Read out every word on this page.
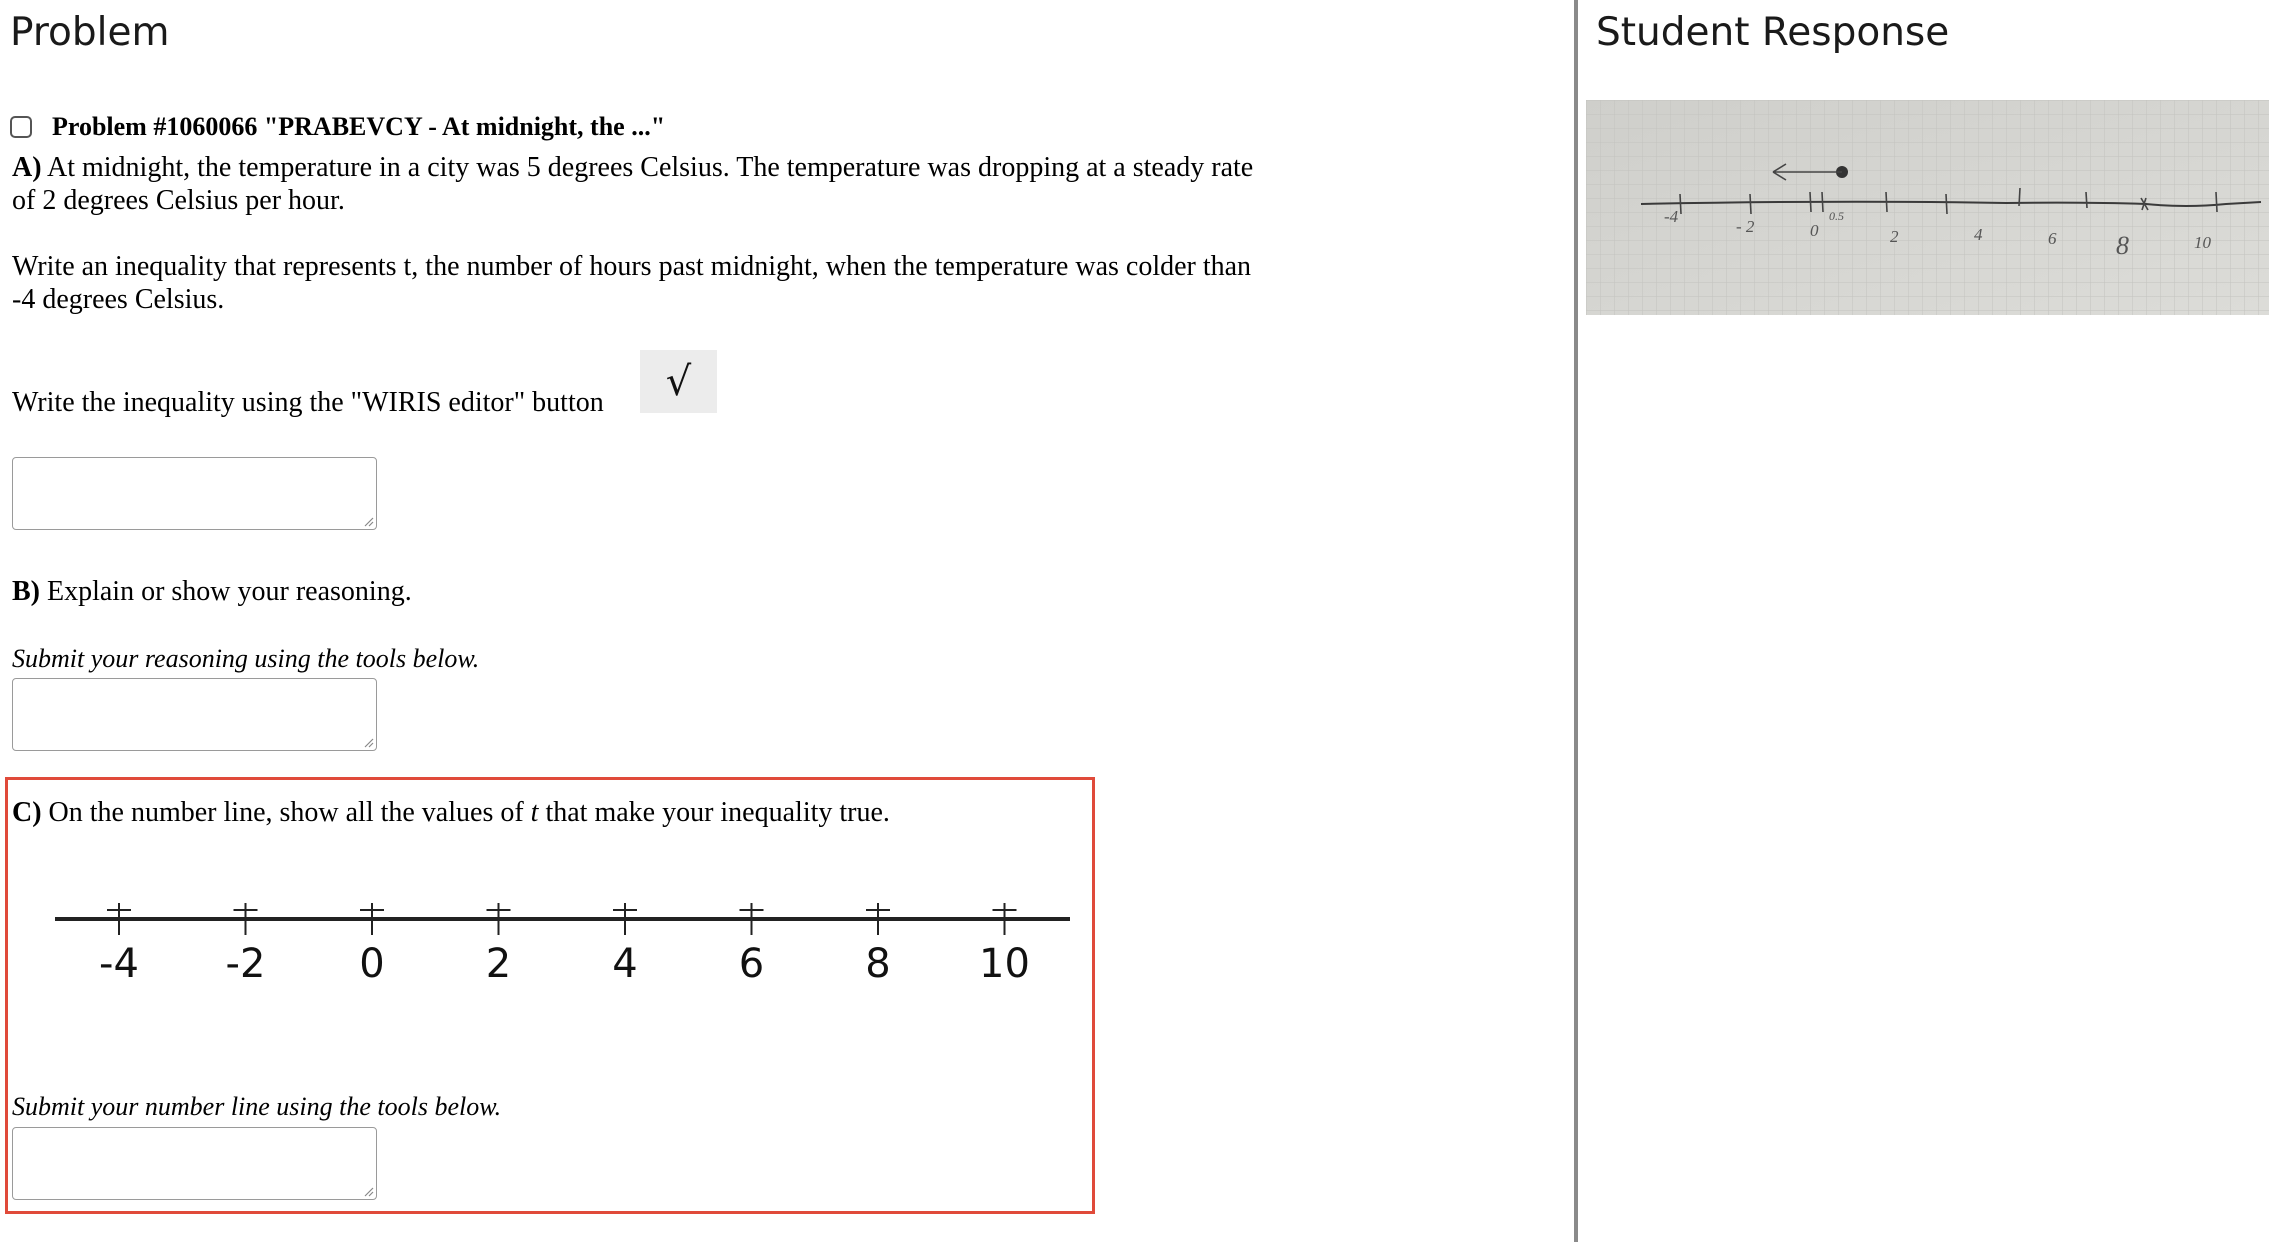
Problem
Problem #1060066 "PRABEVCY - At midnight, the ..."
A) At midnight, the temperature in a city was 5 degrees Celsius. The temperature was dropping at a steady rate of 2 degrees Celsius per hour.
Write an inequality that represents t, the number of hours past midnight, when the temperature was colder than -4 degrees Celsius.
Write the inequality using the "WIRIS editor" button	√
B) Explain or show your reasoning.
Submit your reasoning using the tools below.
C) On the number line, show all the values of t that make your inequality true.
-4 -2 0	2	4	6	8 10
Submit your number line using the tools below.
Student Response
-4
- 2	0
0.5
2	4	6 8	10
